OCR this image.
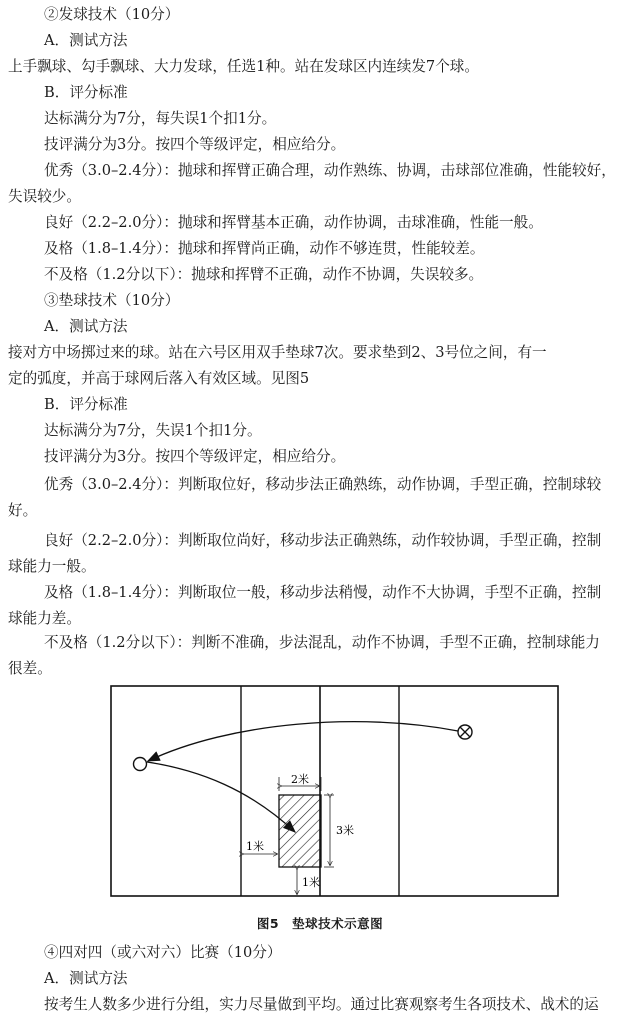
②发球技术（10分）
A．测试方法
上手飘球、勾手飘球、大力发球，任选1种。站在发球区内连续发7个球。
B．评分标准
达标满分为7分，每失误1个扣1分。
技评满分为3分。按四个等级评定，相应给分。
优秀（3.0–2.4分）：抛球和挥臂正确合理，动作熟练、协调，击球部位准确，性能较好，
失误较少。
良好（2.2–2.0分）：抛球和挥臂基本正确，动作协调，击球准确，性能一般。
及格（1.8–1.4分）：抛球和挥臂尚正确，动作不够连贯，性能较差。
不及格（1.2分以下）：抛球和挥臂不正确，动作不协调，失误较多。
③垫球技术（10分）
A．测试方法
接对方中场掷过来的球。站在六号区用双手垫球7次。要求垫到2、3号位之间，有一
定的弧度，并高于球网后落入有效区域。见图5
B．评分标准
达标满分为7分，失误1个扣1分。
技评满分为3分。按四个等级评定，相应给分。
优秀（3.0–2.4分）：判断取位好，移动步法正确熟练，动作协调，手型正确，控制球较
好。
良好（2.2–2.0分）：判断取位尚好，移动步法正确熟练，动作较协调，手型正确，控制
球能力一般。
及格（1.8–1.4分）：判断取位一般，移动步法稍慢，动作不大协调，手型不正确，控制
球能力差。
不及格（1.2分以下）：判断不准确，步法混乱，动作不协调，手型不正确，控制球能力
很差。
2米
3米
1米
1米
图5　垫球技术示意图
④四对四（或六对六）比赛（10分）
A．测试方法
按考生人数多少进行分组，实力尽量做到平均。通过比赛观察考生各项技术、战术的运
